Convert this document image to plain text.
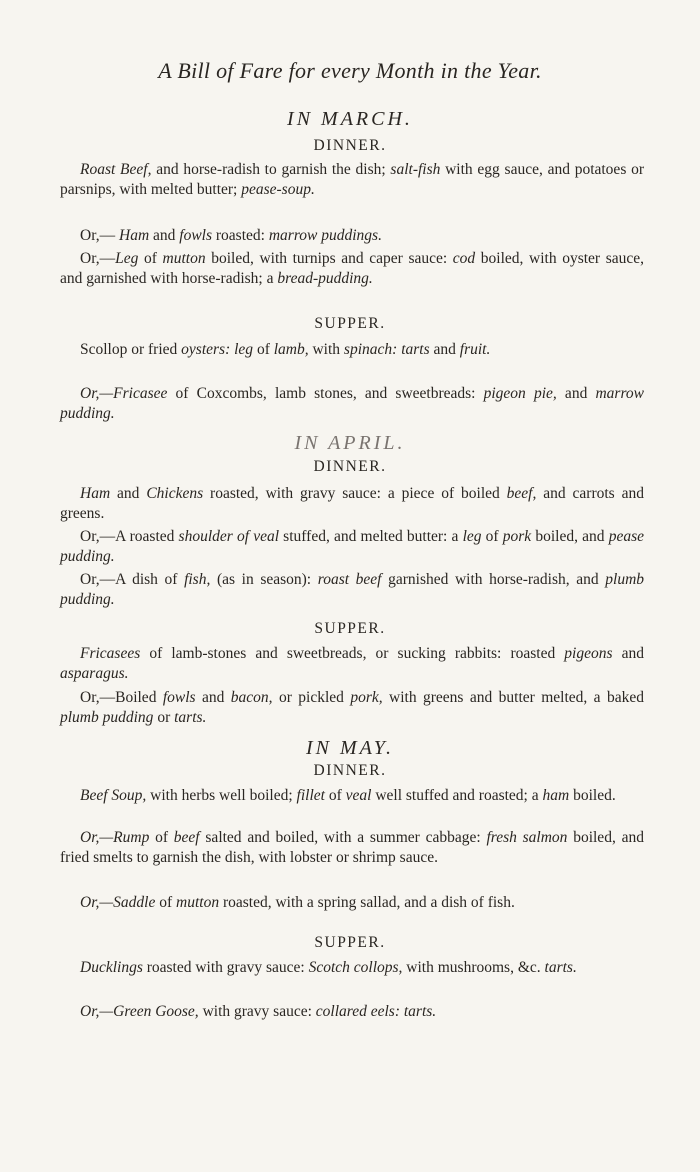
A Bill of Fare for every Month in the Year.
IN MARCH.
DINNER.
Roast Beef, and horse-radish to garnish the dish; salt-fish with egg sauce, and potatoes or parsnips, with melted butter; pease-soup.
Or,— Ham and fowls roasted: marrow puddings.
Or,—Leg of mutton boiled, with turnips and caper sauce: cod boiled, with oyster sauce, and garnished with horse-radish; a bread-pudding.
SUPPER.
Scollop or fried oysters: leg of lamb, with spinach: tarts and fruit.
Or,—Fricasee of Coxcombs, lamb stones, and sweetbreads: pigeon pie, and marrow pudding.
IN APRIL.
DINNER.
Ham and Chickens roasted, with gravy sauce: a piece of boiled beef, and carrots and greens.
Or,—A roasted shoulder of veal stuffed, and melted butter: a leg of pork boiled, and pease pudding.
Or,—A dish of fish, (as in season): roast beef garnished with horse-radish, and plumb pudding.
SUPPER.
Fricasees of lamb-stones and sweetbreads, or sucking rabbits: roasted pigeons and asparagus.
Or,—Boiled fowls and bacon, or pickled pork, with greens and butter melted, a baked plumb pudding or tarts.
IN MAY.
DINNER.
Beef Soup, with herbs well boiled; fillet of veal well stuffed and roasted; a ham boiled.
Or,—Rump of beef salted and boiled, with a summer cabbage: fresh salmon boiled, and fried smelts to garnish the dish, with lobster or shrimp sauce.
Or,—Saddle of mutton roasted, with a spring sallad, and a dish of fish.
SUPPER.
Ducklings roasted with gravy sauce: Scotch collops, with mushrooms, &c. tarts.
Or,—Green Goose, with gravy sauce: collared eels: tarts.
